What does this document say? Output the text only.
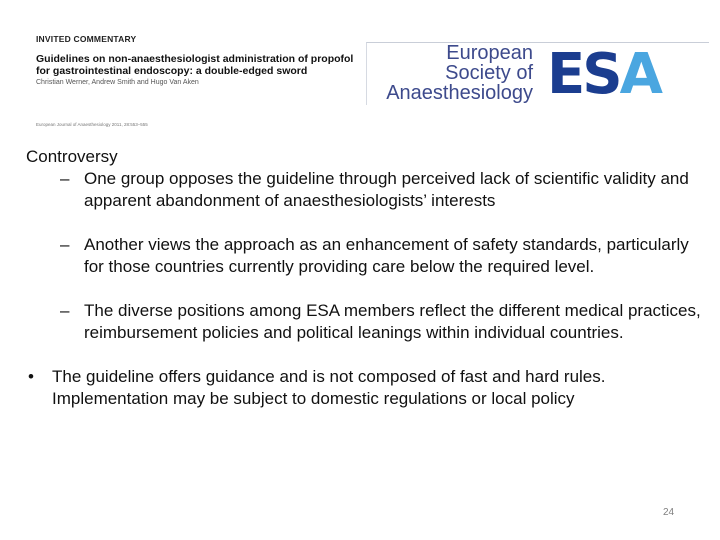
INVITED COMMENTARY
Guidelines on non-anaesthesiologist administration of propofol for gastrointestinal endoscopy: a double-edged sword
Christian Werner, Andrew Smith and Hugo Van Aken
European Journal of Anaesthesiology 2011, 28:553–555
European
Society of
Anaesthesiology ESA

Controversy

– One group opposes the guideline through perceived lack of scientific validity and apparent abandonment of anaesthesiologists’ interests

– Another views the approach as an enhancement of safety standards, particularly for those countries currently providing care below the required level.

– The diverse positions among ESA members reflect the different medical practices, reimbursement policies and political leanings within individual countries.

• The guideline offers guidance and is not composed of fast and hard rules. Implementation may be subject to domestic regulations or local policy

24
